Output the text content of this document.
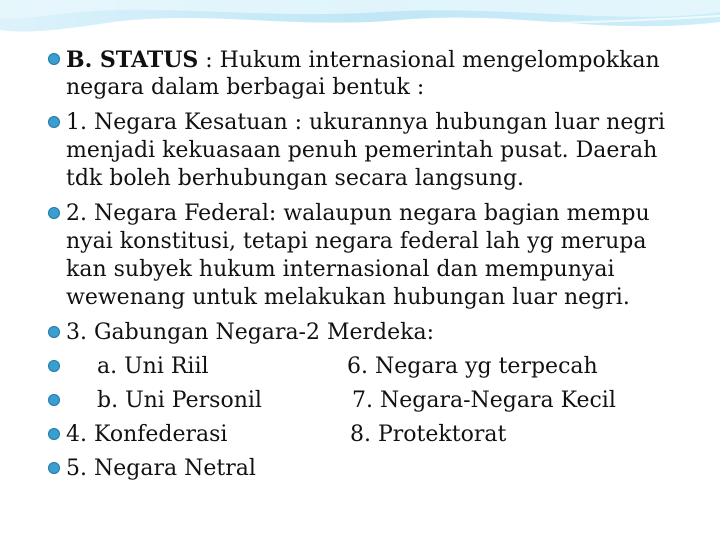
B. STATUS : Hukum internasional mengelompokkan
negara dalam berbagai bentuk :
1. Negara Kesatuan : ukurannya hubungan luar negri
menjadi kekuasaan penuh pemerintah pusat. Daerah
tdk boleh berhubungan secara langsung.
2. Negara Federal: walaupun negara bagian mempu
nyai konstitusi, tetapi negara federal lah yg merupa
kan subyek hukum internasional dan mempunyai
wewenang untuk melakukan hubungan luar negri.
3. Gabungan Negara-2 Merdeka:
a. Uni Riil	6. Negara yg terpecah
b. Uni Personil	7. Negara-Negara Kecil
4. Konfederasi	8. Protektorat
5. Negara Netral
